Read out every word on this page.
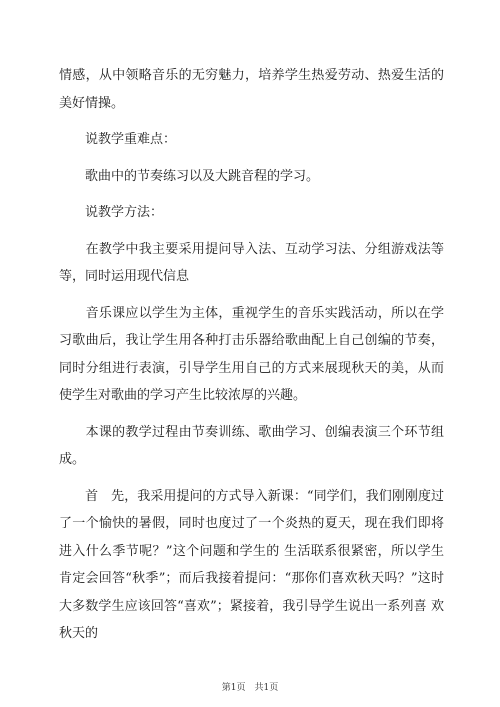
情感，从中领略音乐的无穷魅力，培养学生热爱劳动、热爱生活的美好情操。

　　说教学重难点：

　　歌曲中的节奏练习以及大跳音程的学习。

　　说教学方法：

　　在教学中我主要采用提问导入法、互动学习法、分组游戏法等等，同时运用现代信息

　　音乐课应以学生为主体，重视学生的音乐实践活动，所以在学习歌曲后，我让学生用各种打击乐器给歌曲配上自己创编的节奏，同时分组进行表演，引导学生用自己的方式来展现秋天的美，从而使学生对歌曲的学习产生比较浓厚的兴趣。

　　本课的教学过程由节奏训练、歌曲学习、创编表演三个环节组成。

　　首　先，我采用提问的方式导入新课：“同学们，我们刚刚度过了一个愉快的暑假，同时也度过了一个炎热的夏天，现在我们即将进入什么季节呢？”这个问题和学生的 生活联系很紧密，所以学生肯定会回答“秋季”；而后我接着提问：“那你们喜欢秋天吗？”这时大多数学生应该回答“喜欢”；紧接着，我引导学生说出一系列喜 欢秋天的

第1页　共1页
